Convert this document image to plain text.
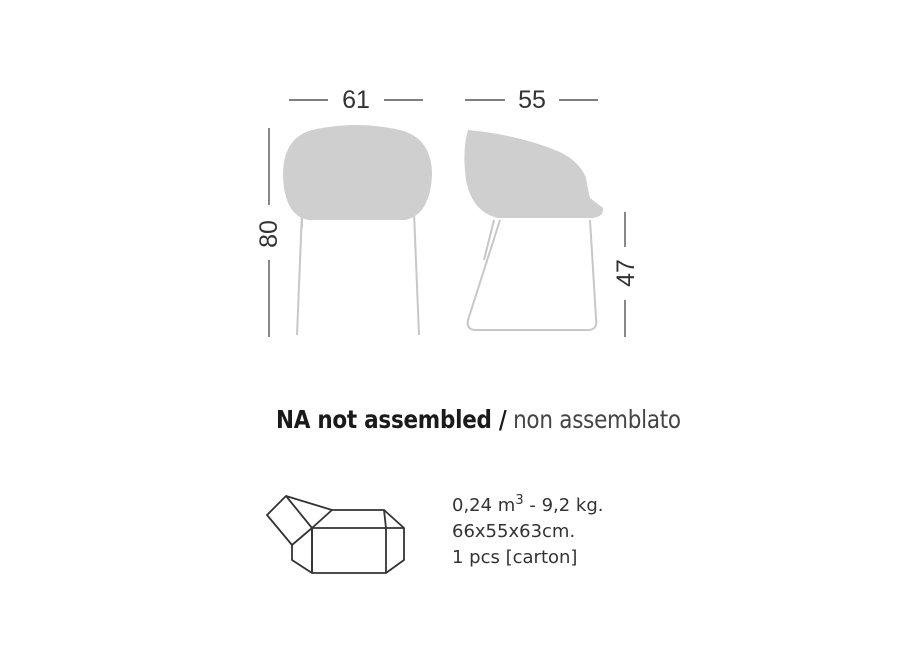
61	55
80
47
NA not assembled / non assemblato
0,24 $m^3 - 9,2$ kg.
66x55x63cm.
1 pcs [carton]
